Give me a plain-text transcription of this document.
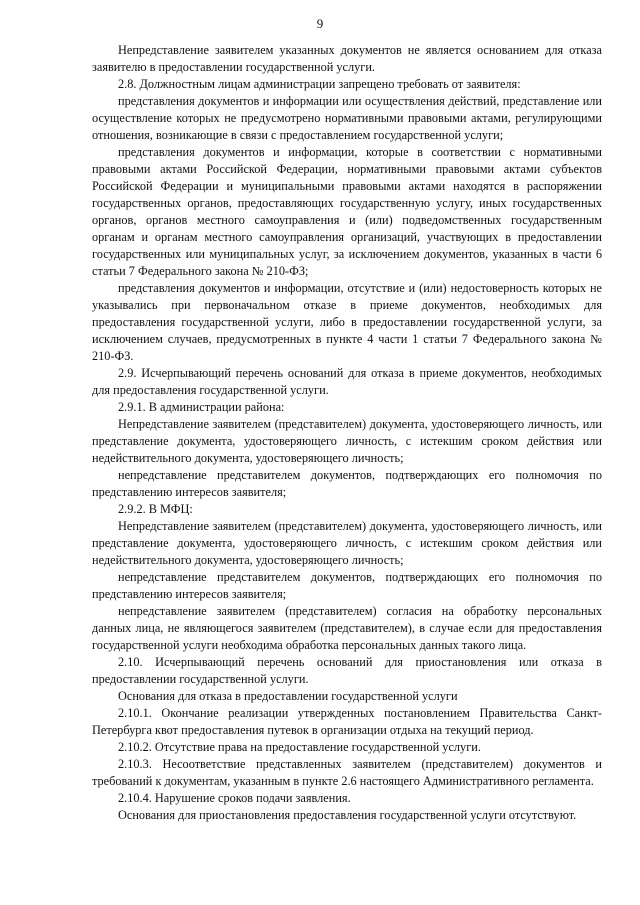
9

Непредставление заявителем указанных документов не является основанием для отказа заявителю в предоставлении государственной услуги.

2.8. Должностным лицам администрации запрещено требовать от заявителя:

представления документов и информации или осуществления действий, представление или осуществление которых не предусмотрено нормативными правовыми актами, регулирующими отношения, возникающие в связи с предоставлением государственной услуги;

представления документов и информации, которые в соответствии с нормативными правовыми актами Российской Федерации, нормативными правовыми актами субъектов Российской Федерации и муниципальными правовыми актами находятся в распоряжении государственных органов, предоставляющих государственную услугу, иных государственных органов, органов местного самоуправления и (или) подведомственных государственным органам и органам местного самоуправления организаций, участвующих в предоставлении государственных или муниципальных услуг, за исключением документов, указанных в части 6 статьи 7 Федерального закона № 210-ФЗ;

представления документов и информации, отсутствие и (или) недостоверность которых не указывались при первоначальном отказе в приеме документов, необходимых для предоставления государственной услуги, либо в предоставлении государственной услуги, за исключением случаев, предусмотренных в пункте 4 части 1 статьи 7 Федерального закона № 210-ФЗ.

2.9. Исчерпывающий перечень оснований для отказа в приеме документов, необходимых для предоставления государственной услуги.

2.9.1. В администрации района:

Непредставление заявителем (представителем) документа, удостоверяющего личность, или представление документа, удостоверяющего личность, с истекшим сроком действия или недействительного документа, удостоверяющего личность;

непредставление представителем документов, подтверждающих его полномочия по представлению интересов заявителя;

2.9.2. В МФЦ:

Непредставление заявителем (представителем) документа, удостоверяющего личность, или представление документа, удостоверяющего личность, с истекшим сроком действия или недействительного документа, удостоверяющего личность;

непредставление представителем документов, подтверждающих его полномочия по представлению интересов заявителя;

непредставление заявителем (представителем) согласия на обработку персональных данных лица, не являющегося заявителем (представителем), в случае если для предоставления государственной услуги необходима обработка персональных данных такого лица.

2.10. Исчерпывающий перечень оснований для приостановления или отказа в предоставлении государственной услуги.

Основания для отказа в предоставлении государственной услуги

2.10.1. Окончание реализации утвержденных постановлением Правительства Санкт-Петербурга квот предоставления путевок в организации отдыха на текущий период.

2.10.2. Отсутствие права на предоставление государственной услуги.

2.10.3. Несоответствие представленных заявителем (представителем) документов и требований к документам, указанным в пункте 2.6 настоящего Административного регламента.

2.10.4. Нарушение сроков подачи заявления.

Основания для приостановления предоставления государственной услуги отсутствуют.
